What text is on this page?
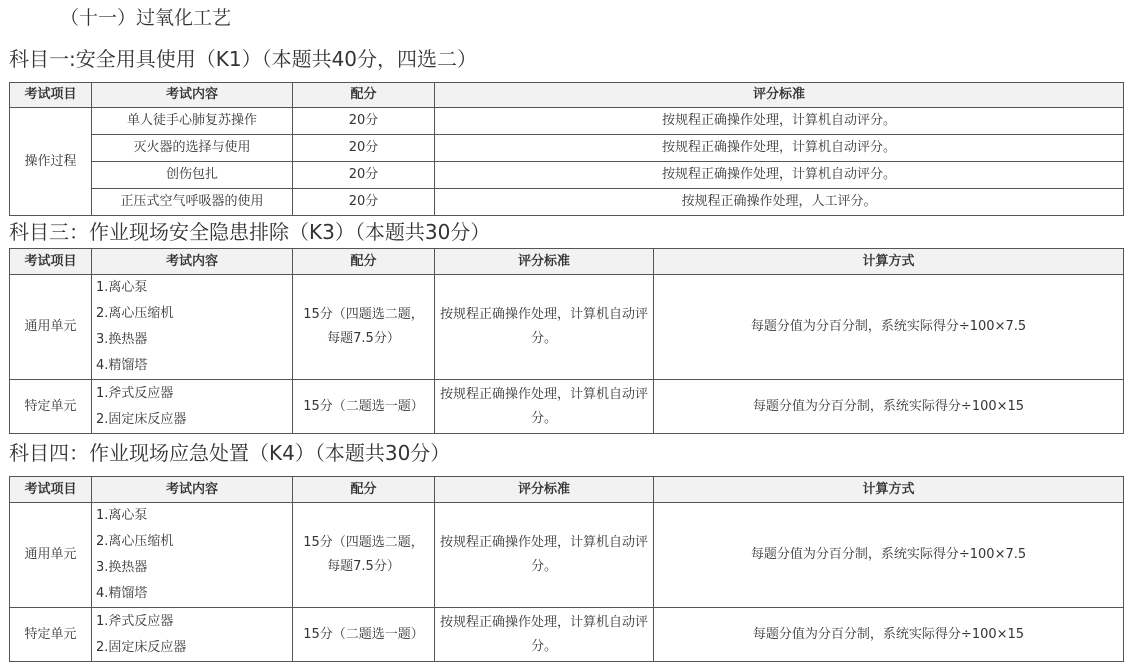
（十一）过氧化工艺
科目一:安全用具使用（K1）（本题共40分，四选二）
考试项目	考试内容	配分	评分标准
操作过程	单人徒手心肺复苏操作	20分	按规程正确操作处理，计算机自动评分。
	灭火器的选择与使用	20分	按规程正确操作处理，计算机自动评分。
	创伤包扎	20分	按规程正确操作处理，计算机自动评分。
	正压式空气呼吸器的使用	20分	按规程正确操作处理，人工评分。
科目三：作业现场安全隐患排除（K3）（本题共30分）
考试项目	考试内容	配分	评分标准	计算方式
通用单元	1.离心泵
2.离心压缩机
3.换热器
4.精馏塔	15分（四题选二题，每题7.5分）	按规程正确操作处理，计算机自动评分。	每题分值为分百分制，系统实际得分÷100×7.5
特定单元	1.斧式反应器
2.固定床反应器	15分（二题选一题）	按规程正确操作处理，计算机自动评分。	每题分值为分百分制，系统实际得分÷100×15
科目四：作业现场应急处置（K4）（本题共30分）
考试项目	考试内容	配分	评分标准	计算方式
通用单元	1.离心泵
2.离心压缩机
3.换热器
4.精馏塔	15分（四题选二题，每题7.5分）	按规程正确操作处理，计算机自动评分。	每题分值为分百分制，系统实际得分÷100×7.5
特定单元	1.斧式反应器
2.固定床反应器	15分（二题选一题）	按规程正确操作处理，计算机自动评分。	每题分值为分百分制，系统实际得分÷100×15
